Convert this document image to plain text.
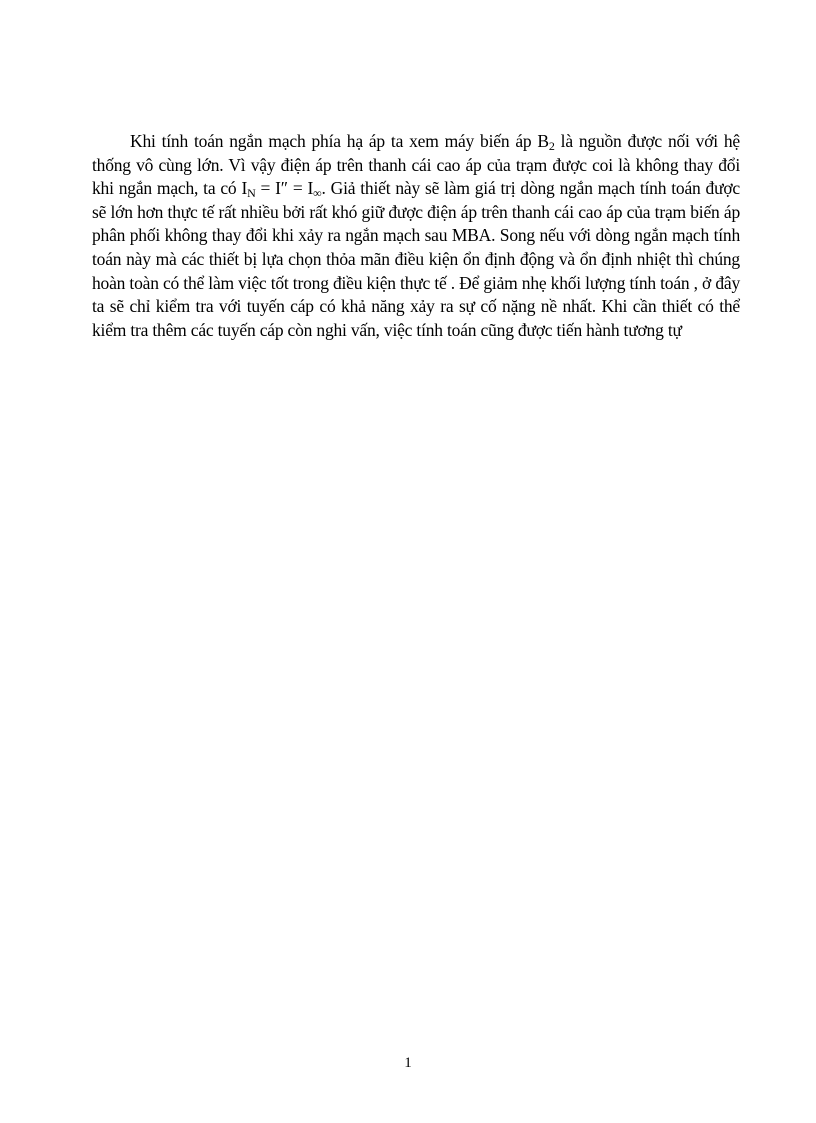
Khi tính toán ngắn mạch phía hạ áp ta xem máy biến áp $B_2$ là nguồn được nối với hệ thống vô cùng lớn. Vì vậy điện áp trên thanh cái cao áp của trạm được coi là không thay đổi khi ngắn mạch, ta có $I_N = I'' = I\infty$. Giả thiết này sẽ làm giá trị dòng ngắn mạch tính toán được sẽ lớn hơn thực tế rất nhiều bởi rất khó giữ được điện áp trên thanh cái cao áp của trạm biến áp phân phối không thay đổi khi xảy ra ngắn mạch sau MBA. Song nếu với dòng ngắn mạch tính toán này mà các thiết bị lựa chọn thỏa mãn điều kiện ổn định động và ổn định nhiệt thì chúng hoàn toàn có thể làm việc tốt trong điều kiện thực tế . Để giảm nhẹ khối lượng tính toán , ở đây ta sẽ chỉ kiểm tra với tuyến cáp có khả năng xảy ra sự cố nặng nề nhất. Khi cần thiết có thể kiểm tra thêm các tuyến cáp còn nghi vấn, việc tính toán cũng được tiến hành tương tự

1
